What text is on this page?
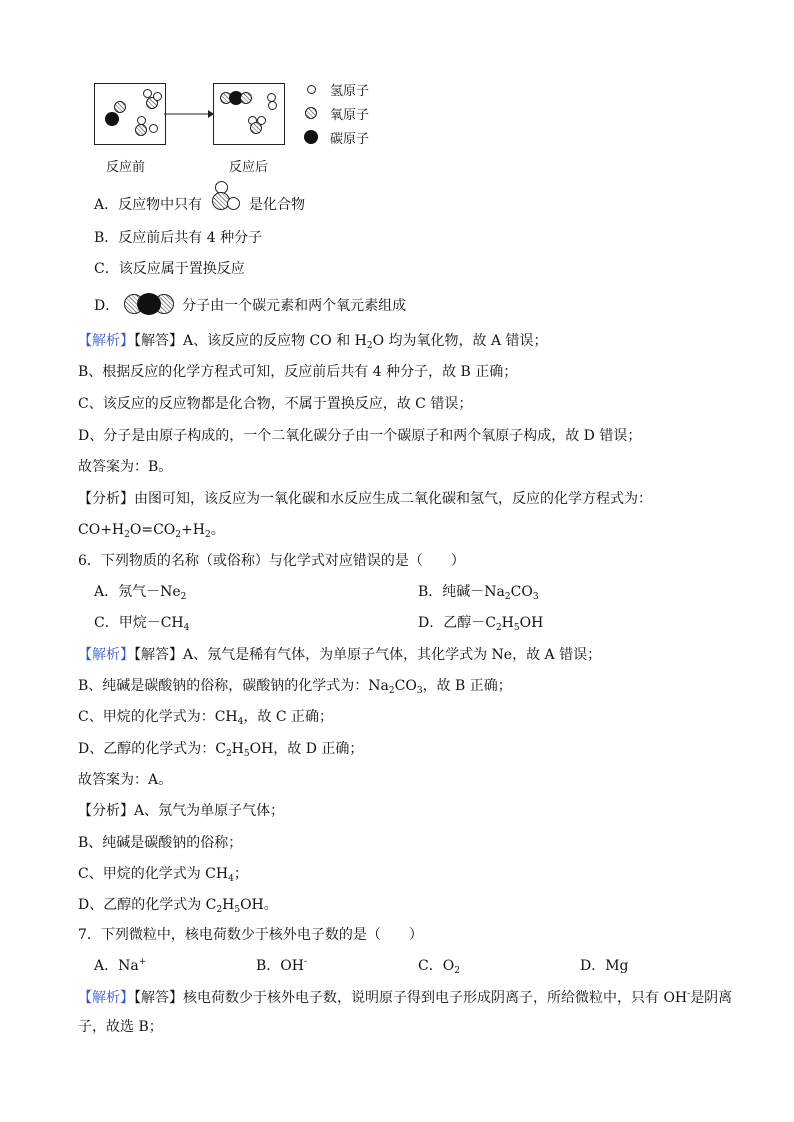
反应前	反应后
氢原子
氧原子
碳原子
A．反应物中只有	是化合物
B．反应前后共有 4 种分子
C．该反应属于置换反应
D．	分子由一个碳元素和两个氧元素组成
【解析】【解答】A、该反应的反应物 CO 和 $H_2O$ 均为氧化物，故 A 错误；
B、根据反应的化学方程式可知，反应前后共有 4 种分子，故 B 正确；
C、该反应的反应物都是化合物，不属于置换反应，故 C 错误；
D、分子是由原子构成的，一个二氧化碳分子由一个碳原子和两个氧原子构成，故 D 错误；
故答案为：B。
【分析】由图可知，该反应为一氧化碳和水反应生成二氧化碳和氢气，反应的化学方程式为：
$CO+H_2O=CO_2+H_2$。
6．下列物质的名称（或俗称）与化学式对应错误的是（　　）
A．氖气$-Ne_2$	B．纯碱$-Na_2CO_3$
C．甲烷$-CH_4$	D．乙醇$-C_2H_5OH$
【解析】【解答】A、氖气是稀有气体，为单原子气体，其化学式为 Ne，故 A 错误；
B、纯碱是碳酸钠的俗称，碳酸钠的化学式为：$Na_2CO_3$，故 B 正确；
C、甲烷的化学式为：$CH_4$，故 C 正确；
D、乙醇的化学式为：$C_2H_5OH$，故 D 正确；
故答案为：A。
【分析】A、氖气为单原子气体；
B、纯碱是碳酸钠的俗称；
C、甲烷的化学式为 $CH_4$；
D、乙醇的化学式为 $C_2H_5OH$。
7．下列微粒中，核电荷数少于核外电子数的是（　　）
A．Na+	B．OH-	C．$O_2$	D．Mg
【解析】【解答】核电荷数少于核外电子数，说明原子得到电子形成阴离子，所给微粒中，只有 OH-是阴离
子，故选 B；
